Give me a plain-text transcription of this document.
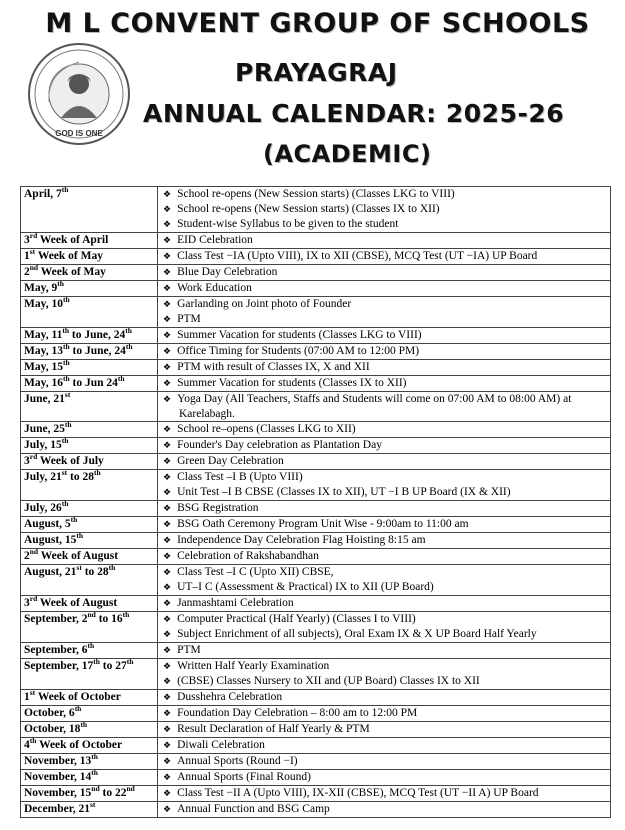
GOD IS ONE
M L CONVENT GROUP OF SCHOOLS
PRAYAGRAJ
ANNUAL CALENDAR: 2025-26
(ACADEMIC)
April, 7th	❖ School re-opens (New Session starts) (Classes LKG to VIII)
❖ School re-opens (New Session starts) (Classes IX to XII)
❖ Student-wise Syllabus to be given to the student

3rd Week of April	❖ EID Celebration

1st Week of May	❖ Class Test −IA (Upto VIII), IX to XII (CBSE), MCQ Test (UT −IA) UP Board

2nd Week of May	❖ Blue Day Celebration

May, 9th	❖ Work Education

May, 10th	❖ Garlanding on Joint photo of Founder
❖ PTM

May, 11th to June, 24th	❖ Summer Vacation for students (Classes LKG to VIII)

May, 13th to June, 24th	❖ Office Timing for Students (07:00 AM to 12:00 PM)

May, 15th	❖ PTM with result of Classes IX, X and XII

May, 16th to Jun 24th	❖ Summer Vacation for students (Classes IX to XII)

June, 21st	❖ Yoga Day (All Teachers, Staffs and Students will come on 07:00 AM to 08:00 AM) at Karelabagh.

June, 25th	❖ School re–opens (Classes LKG to XII)

July, 15th	❖ Founder's Day celebration as Plantation Day

3rd Week of July	❖ Green Day Celebration

July, 21st to 28th	❖ Class Test –I B (Upto VIII)
❖ Unit Test –I B CBSE (Classes IX to XII), UT −I B UP Board (IX & XII)

July, 26th	❖ BSG Registration

August, 5th	❖ BSG Oath Ceremony Program Unit Wise - 9:00am to 11:00 am

August, 15th	❖ Independence Day Celebration Flag Hoisting 8:15 am

2nd Week of August	❖ Celebration of Rakshabandhan

August, 21st to 28th	❖ Class Test –I C (Upto XII) CBSE,
❖ UT–I C (Assessment & Practical) IX to XII (UP Board)

3rd Week of August	❖ Janmashtami Celebration

September, 2nd to 16th	❖ Computer Practical (Half Yearly) (Classes I to VIII)
❖ Subject Enrichment of all subjects), Oral Exam IX & X UP Board Half Yearly

September, 6th	❖ PTM

September, 17th to 27th	❖ Written Half Yearly Examination
❖ (CBSE) Classes Nursery to XII and (UP Board) Classes IX to XII

1st Week of October	❖ Dusshehra Celebration

October, 6th	❖ Foundation Day Celebration – 8:00 am to 12:00 PM

October, 18th	❖ Result Declaration of Half Yearly & PTM

4th Week of October	❖ Diwali Celebration

November, 13th	❖ Annual Sports (Round −I)

November, 14th	❖ Annual Sports (Final Round)

November, 15nd to 22nd	❖ Class Test −II A (Upto VIII), IX-XII (CBSE), MCQ Test (UT −II A) UP Board

December, 21st	❖ Annual Function and BSG Camp
